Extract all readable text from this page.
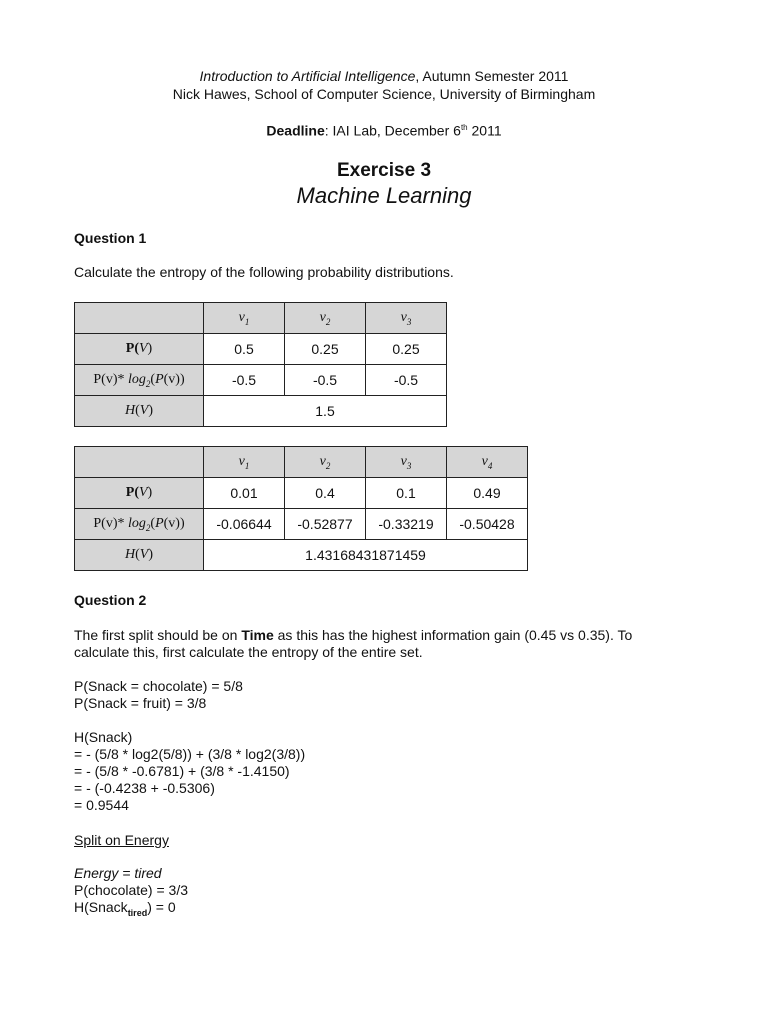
Introduction to Artificial Intelligence, Autumn Semester 2011
Nick Hawes, School of Computer Science, University of Birmingham
Deadline: IAI Lab, December 6th 2011
Exercise 3
Machine Learning
Question 1
Calculate the entropy of the following probability distributions.
	$v_1$	$v_2$	$v_3$
P(V)	0.5	0.25	0.25
P(v)* $\log_2(P(v))$	-0.5	-0.5	-0.5
H(V)	1.5		
	$v_1$	$v_2$	$v_3$	$v_4$
P(V)	0.01	0.4	0.1	0.49
P(v)* $\log_2(P(v))$	-0.06644	-0.52877	-0.33219	-0.50428
H(V)	1.43168431871459			
Question 2
The first split should be on Time as this has the highest information gain (0.45 vs 0.35). To
calculate this, first calculate the entropy of the entire set.
P(Snack = chocolate) = 5/8
P(Snack = fruit) = 3/8
H(Snack)
= - (5/8 * log2(5/8)) + (3/8 * log2(3/8))
= - (5/8 * -0.6781) + (3/8 * -1.4150)
= - (-0.4238 + -0.5306)
= 0.9544
Split on Energy
Energy = tired
P(chocolate) = 3/3
H(Snack$_{tired}$) = 0
